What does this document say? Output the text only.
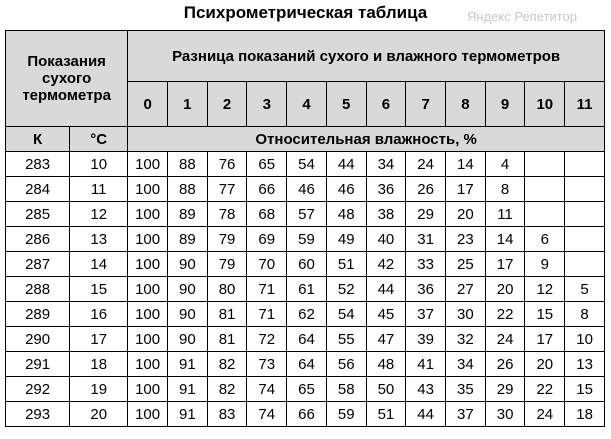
Психрометрическая таблица	Яндекс Репетитор
Показания сухого термометра		Разница показаний сухого и влажного термометров											
		0	1	2	3	4	5	6	7	8	9	10	11
К	°С	Относительная влажность, %											
283	10	100	88	76	65	54	44	34	24	14	4		
284	11	100	88	77	66	46	46	36	26	17	8		
285	12	100	89	78	68	57	48	38	29	20	11		
286	13	100	89	79	69	59	49	40	31	23	14	6	
287	14	100	90	79	70	60	51	42	33	25	17	9	
288	15	100	90	80	71	61	52	44	36	27	20	12	5
289	16	100	90	81	71	62	54	45	37	30	22	15	8
290	17	100	90	81	72	64	55	47	39	32	24	17	10
291	18	100	91	82	73	64	56	48	41	34	26	20	13
292	19	100	91	82	74	65	58	50	43	35	29	22	15
293	20	100	91	83	74	66	59	51	44	37	30	24	18
